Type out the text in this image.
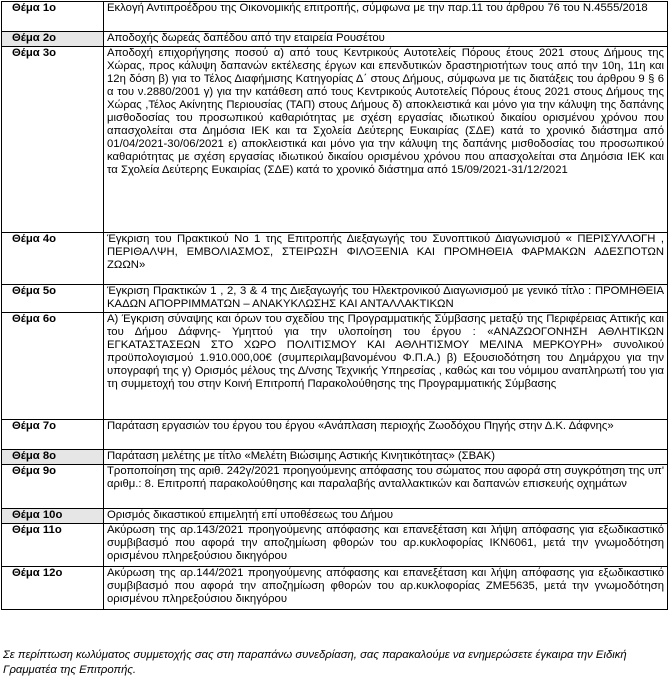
Θέμα 1ο	Εκλογή Αντιπροέδρου της Οικονομικής επιτροπής, σύμφωνα με την παρ.11 του άρθρου 76 του Ν.4555/2018
Θέμα 2ο	Αποδοχής δωρεάς δαπέδου από την εταιρεία Ρουσέτου
Θέμα 3ο	Αποδοχή επιχορήγησης ποσού α) από τους Κεντρικούς Αυτοτελείς Πόρους έτους 2021 στους Δήμους της Χώρας, προς κάλυψη δαπανών εκτέλεσης έργων και επενδυτικών δραστηριοτήτων τους από την 10η, 11η και 12η δόση β) για το Τέλος Διαφήμισης Κατηγορίας Δ΄ στους Δήμους, σύμφωνα με τις διατάξεις του άρθρου 9 § 6 α του ν.2880/2001 γ) για την κατάθεση από τους Κεντρικούς Αυτοτελείς Πόρους έτους 2021 στους Δήμους της Χώρας ,Τέλος Ακίνητης Περιουσίας (ΤΑΠ) στους Δήμους δ) αποκλειστικά και μόνο για την κάλυψη της δαπάνης μισθοδοσίας του προσωπικού καθαριότητας με σχέση εργασίας ιδιωτικού δικαίου ορισμένου χρόνου που απασχολείται στα Δημόσια ΙΕΚ και τα Σχολεία Δεύτερης Ευκαιρίας (ΣΔΕ) κατά το χρονικό διάστημα από 01/04/2021-30/06/2021 ε) αποκλειστικά και μόνο για την κάλυψη της δαπάνης μισθοδοσίας του προσωπικού καθαριότητας με σχέση εργασίας ιδιωτικού δικαίου ορισμένου χρόνου που απασχολείται στα Δημόσια ΙΕΚ και τα Σχολεία Δεύτερης Ευκαιρίας (ΣΔΕ) κατά το χρονικό διάστημα από 15/09/2021-31/12/2021
Θέμα 4ο	Έγκριση του Πρακτικού Νο 1 της Επιτροπής Διεξαγωγής του Συνοπτικού Διαγωνισμού « ΠΕΡΙΣΥΛΛΟΓΗ , ΠΕΡΙΘΑΛΨΗ, ΕΜΒΟΛΙΑΣΜΟΣ, ΣΤΕΙΡΩΣΗ ΦΙΛΟΞΕΝΙΑ ΚΑΙ ΠΡΟΜΗΘΕΙΑ ΦΑΡΜΑΚΩΝ ΑΔΕΣΠΟΤΩΝ ΖΩΩΝ»
Θέμα 5ο	Έγκριση Πρακτικών 1 , 2, 3 & 4 της Διεξαγωγής του Ηλεκτρονικού Διαγωνισμού με γενικό τίτλο : ΠΡΟΜΗΘΕΙΑ ΚΑΔΩΝ ΑΠΟΡΡΙΜΜΑΤΩΝ – ΑΝΑΚΥΚΛΩΣΗΣ ΚΑΙ ΑΝΤΑΛΛΑΚΤΙΚΩΝ
Θέμα 6ο	Α) Έγκριση σύναψης και όρων του σχεδίου της Προγραμματικής Σύμβασης μεταξύ της Περιφέρειας Αττικής και του Δήμου Δάφνης- Υμηττού για την υλοποίηση του έργου : «ΑΝΑΖΩΟΓΟΝΗΣΗ ΑΘΛΗΤΙΚΩΝ ΕΓΚΑΤΑΣΤΑΣΕΩΝ ΣΤΟ ΧΩΡΟ ΠΟΛΙΤΙΣΜΟΥ ΚΑΙ ΑΘΛΗΤΙΣΜΟΥ ΜΕΛΙΝΑ ΜΕΡΚΟΥΡΗ» συνολικού προϋπολογισμού 1.910.000,00€ (συμπεριλαμβανομένου Φ.Π.Α.) β) Εξουσιοδότηση του Δημάρχου για την υπογραφή της γ) Ορισμός μέλους της Δ/νσης Τεχνικής Υπηρεσίας , καθώς και του νόμιμου αναπληρωτή του για τη συμμετοχή του στην Κοινή Επιτροπή Παρακολούθησης της Προγραμματικής Σύμβασης
Θέμα 7ο	Παράταση εργασιών του έργου του έργου «Ανάπλαση περιοχής Ζωοδόχου Πηγής στην Δ.Κ. Δάφνης»
Θέμα 8ο	Παράταση μελέτης με τίτλο «Μελέτη Βιώσιμης Αστικής Κινητικότητας» (ΣΒΑΚ)
Θέμα 9ο	Τροποποίηση της αριθ. 242γ/2021 προηγούμενης απόφασης του σώματος που αφορά στη συγκρότηση της υπ' αριθμ.: 8. Επιτροπή παρακολούθησης και παραλαβής ανταλλακτικών και δαπανών επισκευής οχημάτων
Θέμα 10ο	Ορισμός δικαστικού επιμελητή επί υποθέσεως του Δήμου
Θέμα 11ο	Ακύρωση της αρ.143/2021 προηγούμενης απόφασης και επανεξέταση και λήψη απόφασης για εξωδικαστικό συμβιβασμό που αφορά την αποζημίωση φθορών του αρ.κυκλοφορίας ΙΚΝ6061, μετά την γνωμοδότηση ορισμένου πληρεξούσιου δικηγόρου
Θέμα 12ο	Ακύρωση της αρ.144/2021 προηγούμενης απόφασης και επανεξέταση και λήψη απόφασης για εξωδικαστικό συμβιβασμό που αφορά την αποζημίωση φθορών του αρ.κυκλοφορίας ΖΜΕ5635, μετά την γνωμοδότηση ορισμένου πληρεξούσιου δικηγόρου
Σε περίπτωση κωλύματος συμμετοχής σας στη παραπάνω συνεδρίαση, σας παρακαλούμε να ενημερώσετε έγκαιρα την Ειδική Γραμματέα της Επιτροπής.
